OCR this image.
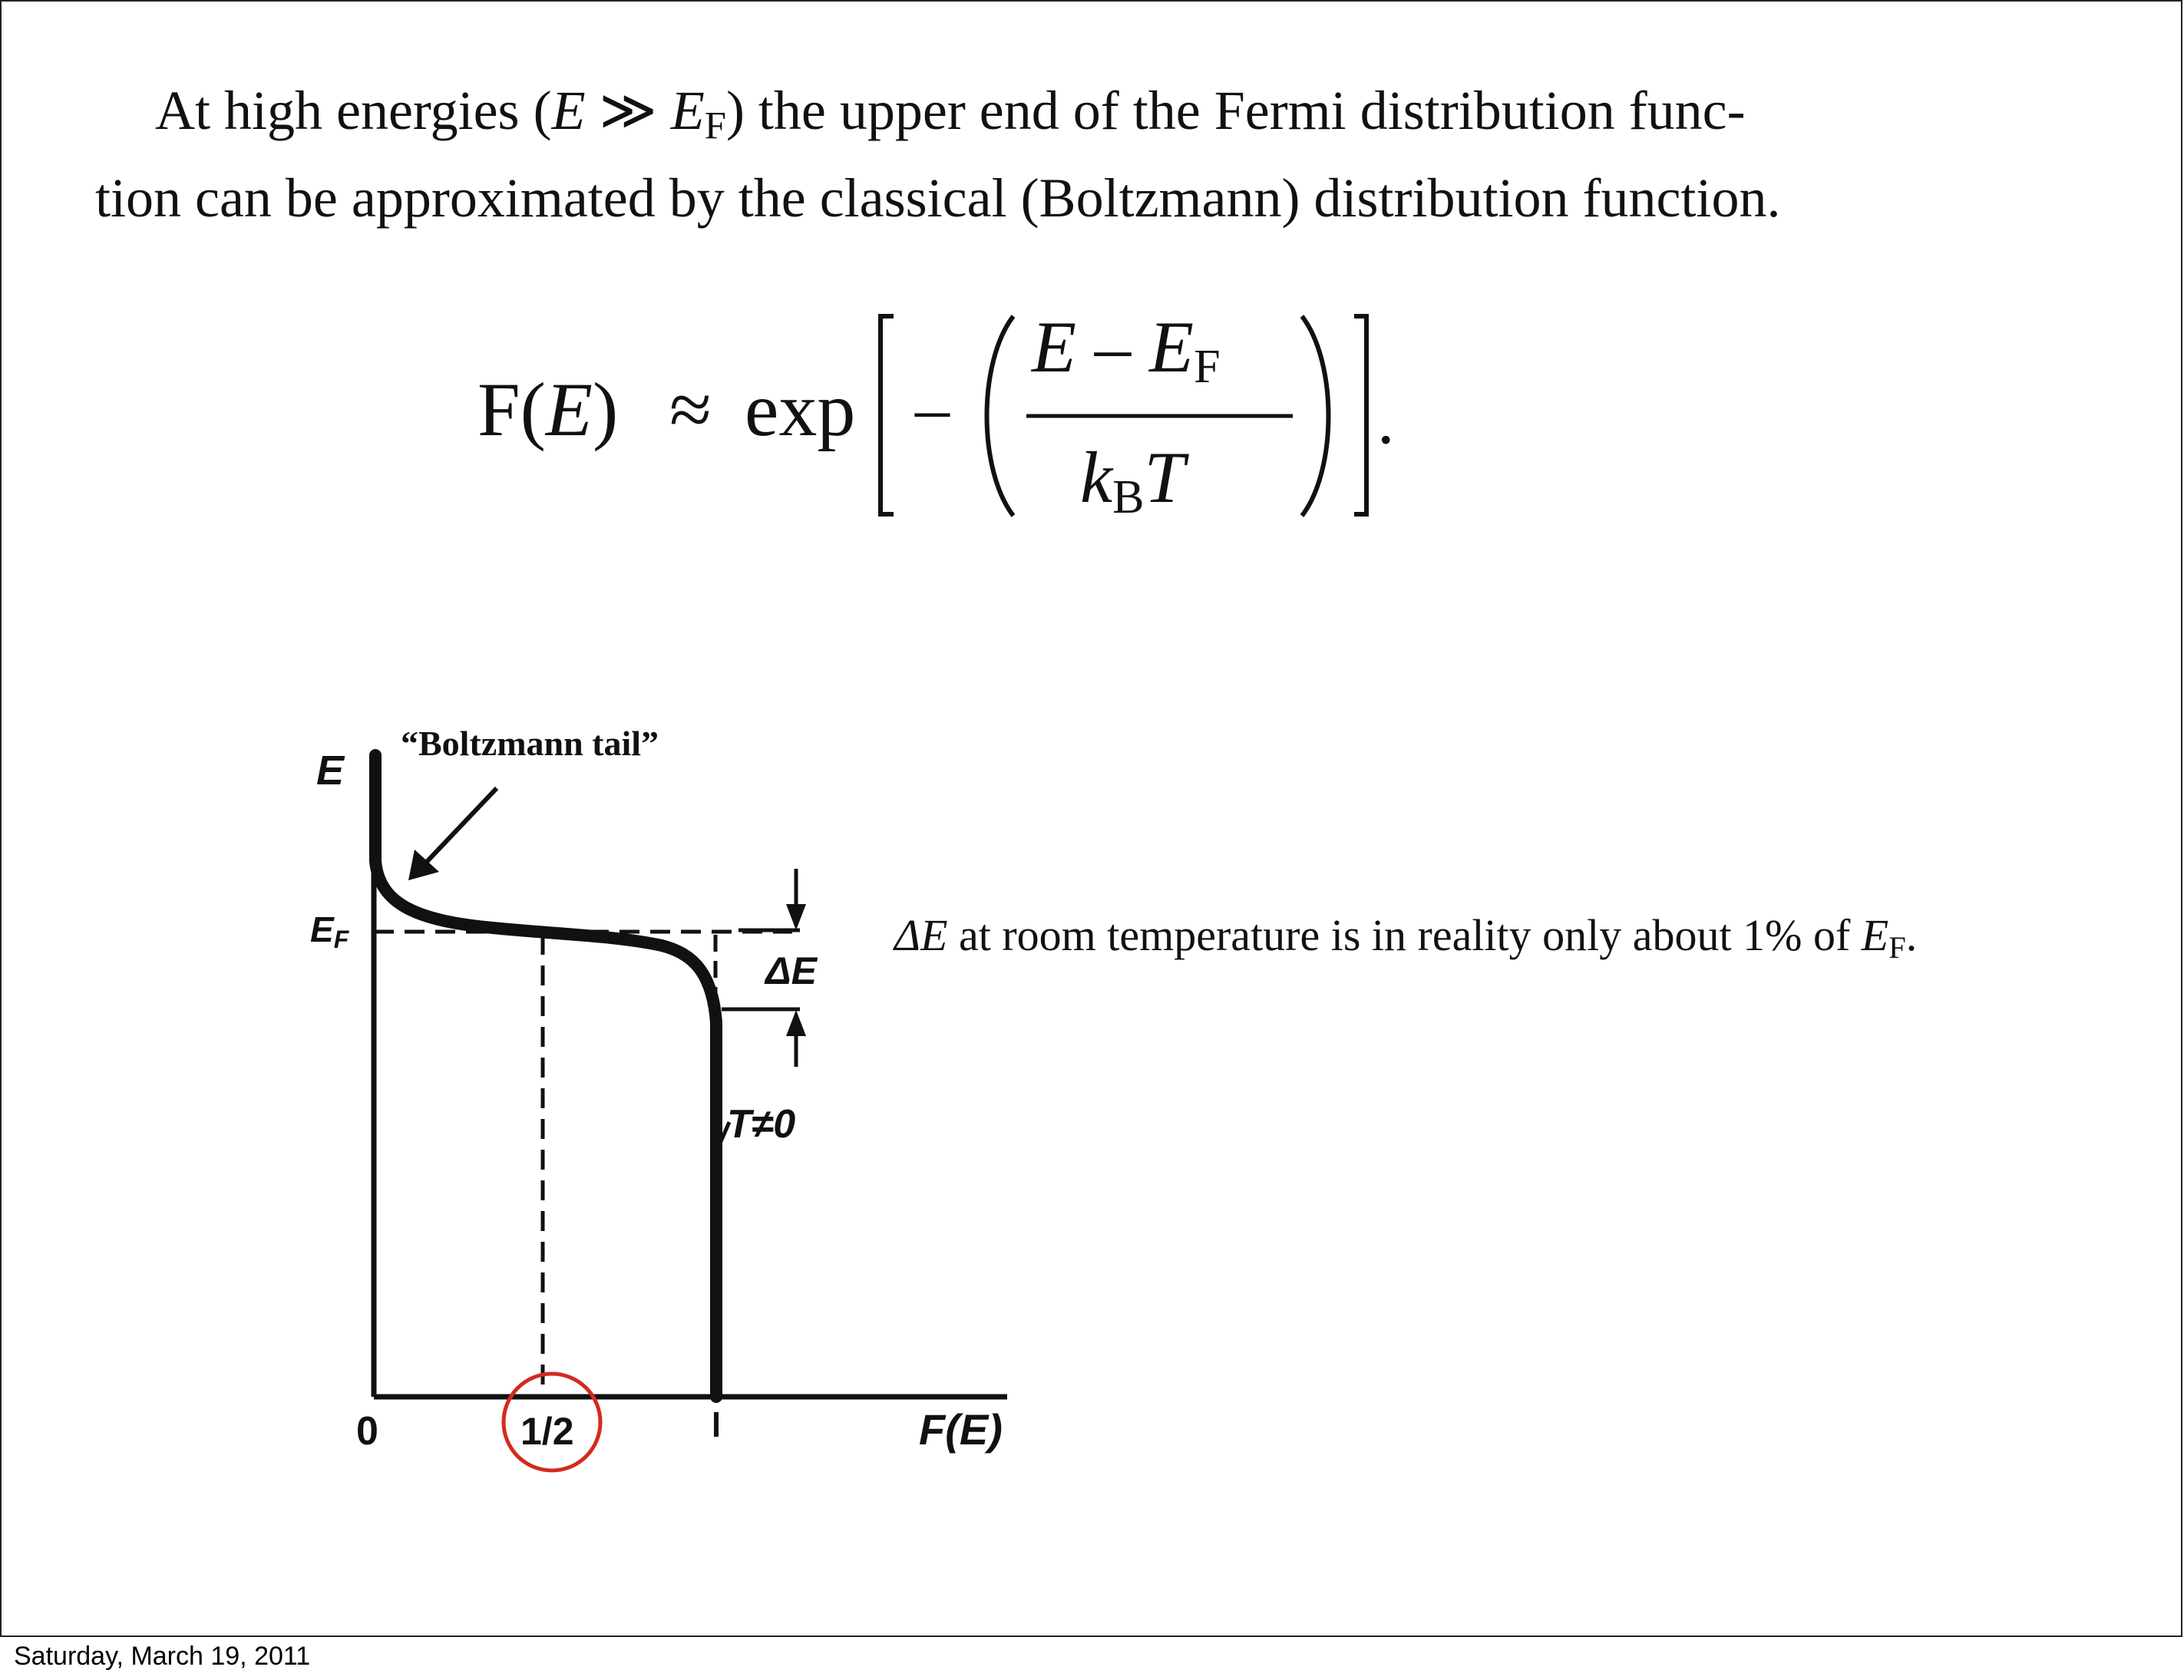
At high energies (E ≫ $E_F$) the upper end of the Fermi distribution func-
tion can be approximated by the classical (Boltzmann) distribution function.
F(E) ≈ exp –
E – EF
kBT
.
E
EF
ΔE
T≠0
F(E)
0	1/2
“Boltzmann tail”
ΔE at room temperature is in reality only about 1% of $E_F$.
Saturday, March 19, 2011
